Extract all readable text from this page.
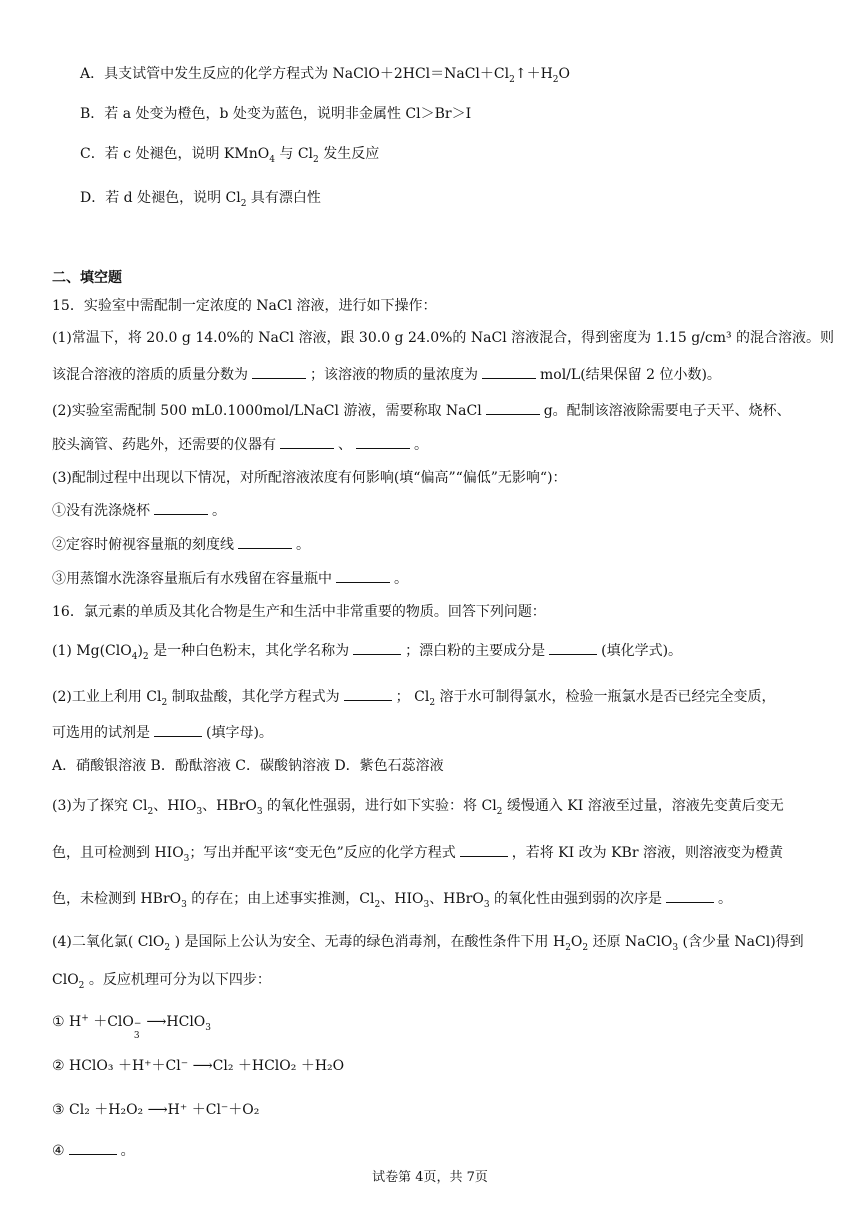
A．具支试管中发生反应的化学方程式为 $NaClO+2HCl=NaCl+Cl_2↑+H_2O$
B．若 a 处变为橙色，b 处变为蓝色，说明非金属性 Cl＞Br＞I
C．若 c 处褪色，说明 KMnO$_4$ 与 $Cl_2$ 发生反应
D．若 d 处褪色，说明 $Cl_2$ 具有漂白性
二、填空题
15．实验室中需配制一定浓度的 NaCl 溶液，进行如下操作：
(1)常温下，将 20.0 g 14.0%的 NaCl 溶液，跟 30.0 g 24.0%的 NaCl 溶液混合，得到密度为 1.15 g/cm³ 的混合溶液。则
该混合溶液的溶质的质量分数为	；该溶液的物质的量浓度为	mol/L(结果保留 2 位小数)。
(2)实验室需配制 500 mL0.1000mol/LNaCl 游液，需要称取 NaCl	g。配制该溶液除需要电子天平、烧杯、
胶头滴管、药匙外，还需要的仪器有	、	。
(3)配制过程中出现以下情况，对所配溶液浓度有何影响(填“偏高”“偏低”无影响“)：
①没有洗涤烧杯	。
②定容时俯视容量瓶的刻度线	。
③用蒸馏水洗涤容量瓶后有水残留在容量瓶中	。
16．氯元素的单质及其化合物是生产和生活中非常重要的物质。回答下列问题：
(1) $Mg(ClO_4)_2$ 是一种白色粉末，其化学名称为	；漂白粉的主要成分是	(填化学式)。
(2)工业上利用 $Cl_2$ 制取盐酸，其化学方程式为	； $Cl_2$ 溶于水可制得氯水，检验一瓶氯水是否已经完全变质，
可选用的试剂是	(填字母)。
A．硝酸银溶液 B．酚酞溶液 C．碳酸钠溶液 D．紫色石蕊溶液
(3)为了探究 $Cl_2$、$HIO_3$、HBrO$_3$ 的氧化性强弱，进行如下实验：将 $Cl_2$ 缓慢通入 KI 溶液至过量，溶液先变黄后变无
色，且可检测到 $HIO_3$；写出并配平该“变无色”反应的化学方程式	，若将 KI 改为 KBr 溶液，则溶液变为橙黄
色，未检测到 HBrO$_3$ 的存在；由上述事实推测，$Cl_2$、$HIO_3$、HBrO$_3$ 的氧化性由强到弱的次序是	。
(4)二氧化氯( ClO$_2$ ) 是国际上公认为安全、无毒的绿色消毒剂，在酸性条件下用 $H_2O_2$ 还原 NaClO$_3$ (含少量 NaCl)得到
ClO$_2$ 。反应机理可分为以下四步：
① H+ ＋ClO −
3
⟶HClO$_3$
② HClO₃ ＋H⁺＋Cl⁻ ⟶Cl₂ ＋HClO₂ ＋H₂O
③ Cl₂ ＋H₂O₂ ⟶H⁺ ＋Cl⁻＋O₂
④	。
试卷第 4页，共 7页
